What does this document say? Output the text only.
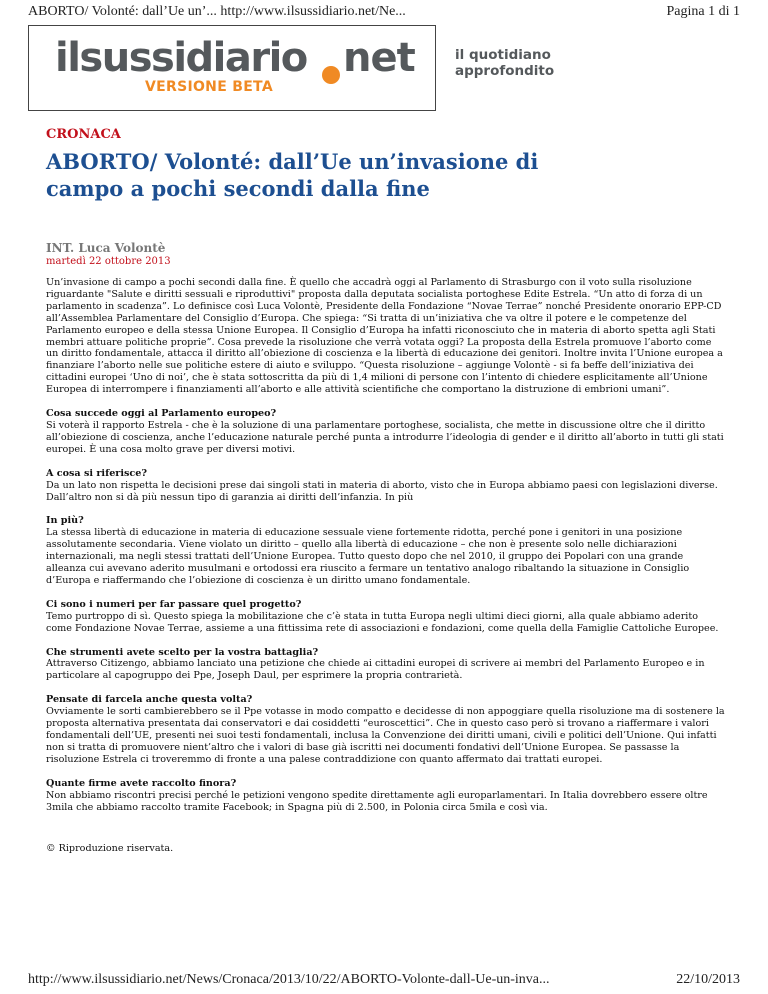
ABORTO/ Volonté: dall’Ue un’... http://www.ilsussidiario.net/Ne...	Pagina 1 di 1
ilsussidiario net
VERSIONE BETA
il quotidiano
approfondito
CRONACA
ABORTO/ Volonté: dall’Ue un’invasione di campo a pochi secondi dalla fine
INT. Luca Volontè
martedì 22 ottobre 2013

Un’invasione di campo a pochi secondi dalla fine. È quello che accadrà oggi al Parlamento di Strasburgo con il voto sulla risoluzione riguardante "Salute e diritti sessuali e riproduttivi" proposta dalla deputata socialista portoghese Edite Estrela. “Un atto di forza di un parlamento in scadenza”. Lo definisce così Luca Volontè, Presidente della Fondazione “Novae Terrae” nonché Presidente onorario EPP-CD all’Assemblea Parlamentare del Consiglio d’Europa. Che spiega: “Si tratta di un’iniziativa che va oltre il potere e le competenze del Parlamento europeo e della stessa Unione Europea. Il Consiglio d’Europa ha infatti riconosciuto che in materia di aborto spetta agli Stati membri attuare politiche proprie”. Cosa prevede la risoluzione che verrà votata oggi? La proposta della Estrela promuove l’aborto come un diritto fondamentale, attacca il diritto all’obiezione di coscienza e la libertà di educazione dei genitori. Inoltre invita l’Unione europea a finanziare l’aborto nelle sue politiche estere di aiuto e sviluppo. “Questa risoluzione – aggiunge Volontè - si fa beffe dell’iniziativa dei cittadini europei ‘Uno di noi’, che è stata sottoscritta da più di 1,4 milioni di persone con l’intento di chiedere esplicitamente all’Unione Europea di interrompere i finanziamenti all’aborto e alle attività scientifiche che comportano la distruzione di embrioni umani”.

Cosa succede oggi al Parlamento europeo?
Si voterà il rapporto Estrela - che è la soluzione di una parlamentare portoghese, socialista, che mette in discussione oltre che il diritto all’obiezione di coscienza, anche l’educazione naturale perché punta a introdurre l’ideologia di gender e il diritto all’aborto in tutti gli stati europei. È una cosa molto grave per diversi motivi.

A cosa si riferisce?
Da un lato non rispetta le decisioni prese dai singoli stati in materia di aborto, visto che in Europa abbiamo paesi con legislazioni diverse. Dall’altro non si dà più nessun tipo di garanzia ai diritti dell’infanzia. In più

In più?
La stessa libertà di educazione in materia di educazione sessuale viene fortemente ridotta, perché pone i genitori in una posizione assolutamente secondaria. Viene violato un diritto – quello alla libertà di educazione – che non è presente solo nelle dichiarazioni internazionali, ma negli stessi trattati dell’Unione Europea. Tutto questo dopo che nel 2010, il gruppo dei Popolari con una grande alleanza cui avevano aderito musulmani e ortodossi era riuscito a fermare un tentativo analogo ribaltando la situazione in Consiglio d’Europa e riaffermando che l’obiezione di coscienza è un diritto umano fondamentale.

Ci sono i numeri per far passare quel progetto?
Temo purtroppo di sì. Questo spiega la mobilitazione che c’è stata in tutta Europa negli ultimi dieci giorni, alla quale abbiamo aderito come Fondazione Novae Terrae, assieme a una fittissima rete di associazioni e fondazioni, come quella della Famiglie Cattoliche Europee.

Che strumenti avete scelto per la vostra battaglia?
Attraverso Citizengo, abbiamo lanciato una petizione che chiede ai cittadini europei di scrivere ai membri del Parlamento Europeo e in particolare al capogruppo dei Ppe, Joseph Daul, per esprimere la propria contrarietà.

Pensate di farcela anche questa volta?
Ovviamente le sorti cambierebbero se il Ppe votasse in modo compatto e decidesse di non appoggiare quella risoluzione ma di sostenere la proposta alternativa presentata dai conservatori e dai cosiddetti “euroscettici”. Che in questo caso però si trovano a riaffermare i valori fondamentali dell’UE, presenti nei suoi testi fondamentali, inclusa la Convenzione dei diritti umani, civili e politici dell’Unione. Qui infatti non si tratta di promuovere nient’altro che i valori di base già iscritti nei documenti fondativi dell’Unione Europea. Se passasse la risoluzione Estrela ci troveremmo di fronte a una palese contraddizione con quanto affermato dai trattati europei.

Quante firme avete raccolto finora?
Non abbiamo riscontri precisi perché le petizioni vengono spedite direttamente agli europarlamentari. In Italia dovrebbero essere oltre 3mila che abbiamo raccolto tramite Facebook; in Spagna più di 2.500, in Polonia circa 5mila e così via.

© Riproduzione riservata.

http://www.ilsussidiario.net/News/Cronaca/2013/10/22/ABORTO-Volonte-dall-Ue-un-inva...	22/10/2013
